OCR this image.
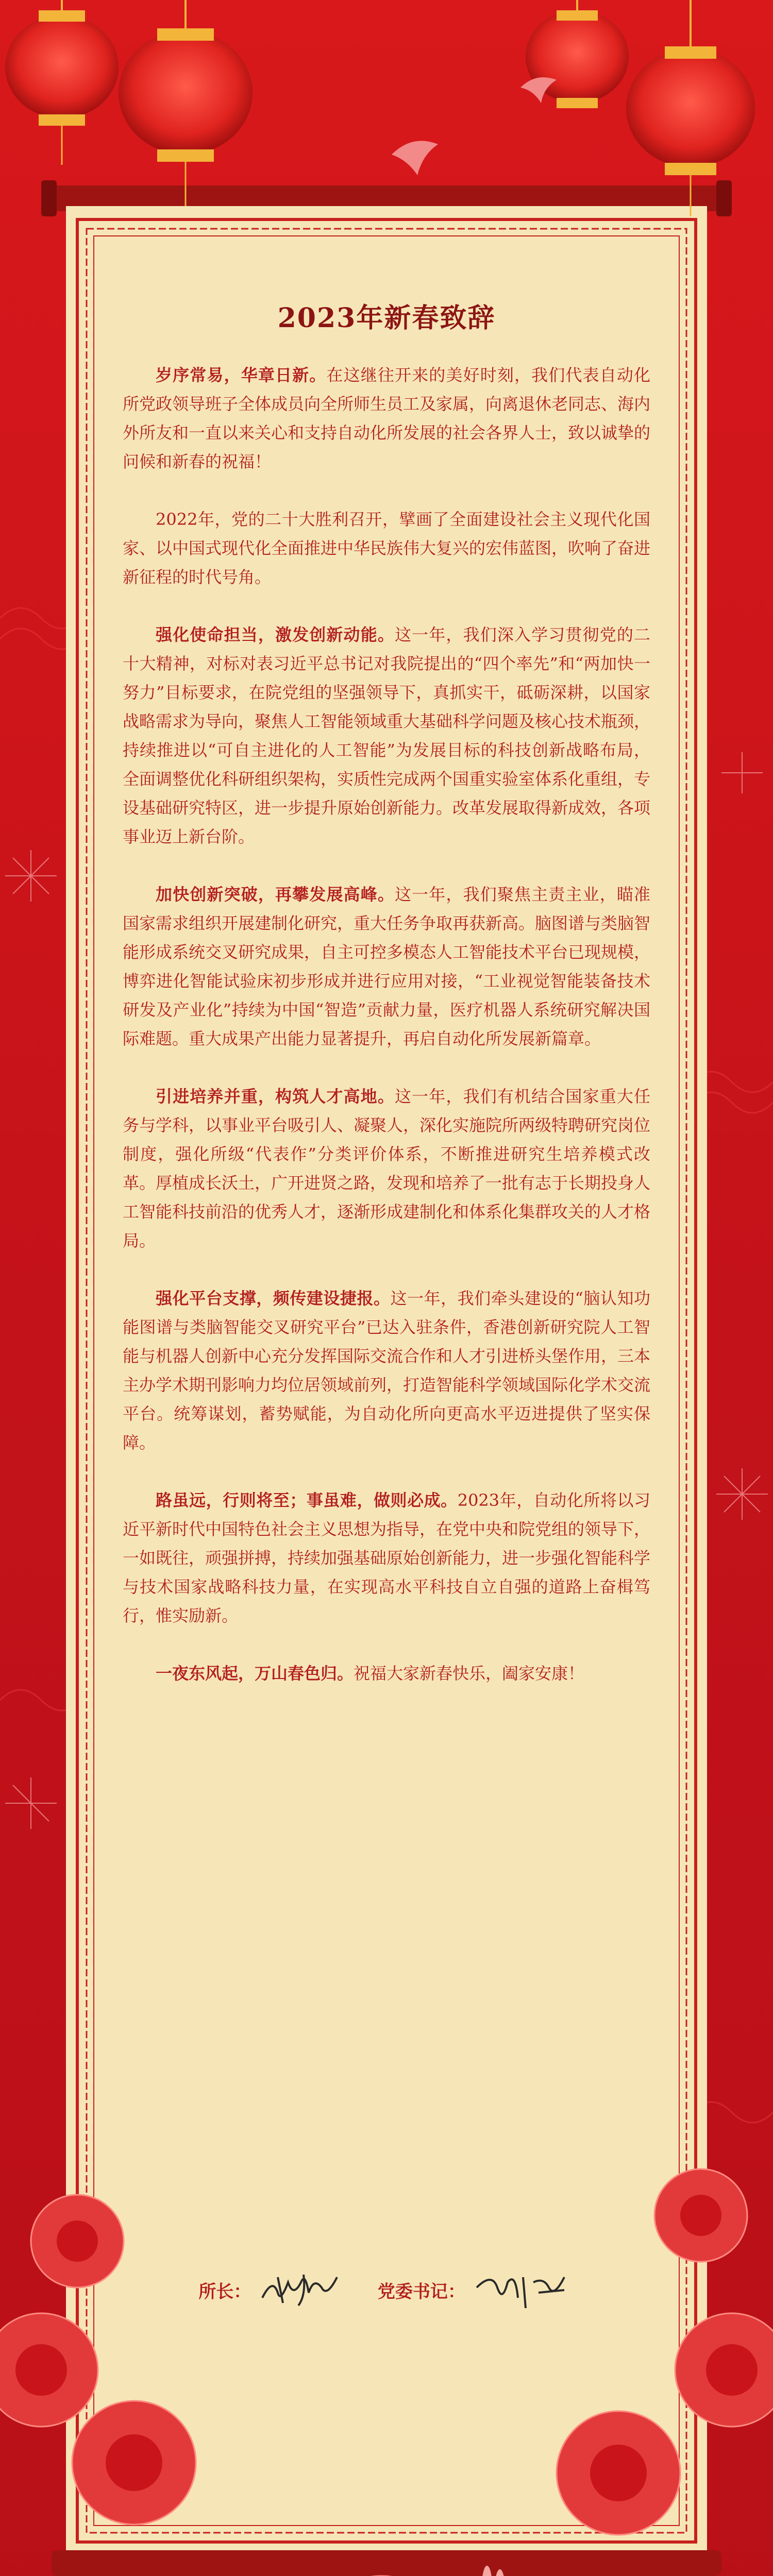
2023年新春致辞

岁序常易，华章日新。在这继往开来的美好时刻，我们代表自动化所党政领导班子全体成员向全所师生员工及家属，向离退休老同志、海内外所友和一直以来关心和支持自动化所发展的社会各界人士，致以诚挚的问候和新春的祝福！

2022年，党的二十大胜利召开，擘画了全面建设社会主义现代化国家、以中国式现代化全面推进中华民族伟大复兴的宏伟蓝图，吹响了奋进新征程的时代号角。

强化使命担当，激发创新动能。这一年，我们深入学习贯彻党的二十大精神，对标对表习近平总书记对我院提出的“四个率先”和“两加快一努力”目标要求，在院党组的坚强领导下，真抓实干，砥砺深耕，以国家战略需求为导向，聚焦人工智能领域重大基础科学问题及核心技术瓶颈，持续推进以“可自主进化的人工智能”为发展目标的科技创新战略布局，全面调整优化科研组织架构，实质性完成两个国重实验室体系化重组，专设基础研究特区，进一步提升原始创新能力。改革发展取得新成效，各项事业迈上新台阶。

加快创新突破，再攀发展高峰。这一年，我们聚焦主责主业，瞄准国家需求组织开展建制化研究，重大任务争取再获新高。脑图谱与类脑智能形成系统交叉研究成果，自主可控多模态人工智能技术平台已现规模，博弈进化智能试验床初步形成并进行应用对接，“工业视觉智能装备技术研发及产业化”持续为中国“智造”贡献力量，医疗机器人系统研究解决国际难题。重大成果产出能力显著提升，再启自动化所发展新篇章。

引进培养并重，构筑人才高地。这一年，我们有机结合国家重大任务与学科，以事业平台吸引人、凝聚人，深化实施院所两级特聘研究岗位制度，强化所级“代表作”分类评价体系，不断推进研究生培养模式改革。厚植成长沃土，广开进贤之路，发现和培养了一批有志于长期投身人工智能科技前沿的优秀人才，逐渐形成建制化和体系化集群攻关的人才格局。

强化平台支撑，频传建设捷报。这一年，我们牵头建设的“脑认知功能图谱与类脑智能交叉研究平台”已达入驻条件，香港创新研究院人工智能与机器人创新中心充分发挥国际交流合作和人才引进桥头堡作用，三本主办学术期刊影响力均位居领域前列，打造智能科学领域国际化学术交流平台。统筹谋划，蓄势赋能，为自动化所向更高水平迈进提供了坚实保障。

路虽远，行则将至；事虽难，做则必成。2023年，自动化所将以习近平新时代中国特色社会主义思想为指导，在党中央和院党组的领导下，一如既往，顽强拼搏，持续加强基础原始创新能力，进一步强化智能科学与技术国家战略科技力量，在实现高水平科技自立自强的道路上奋楫笃行，惟实励新。

一夜东风起，万山春色归。祝福大家新春快乐，阖家安康！

所长：	党委书记：
